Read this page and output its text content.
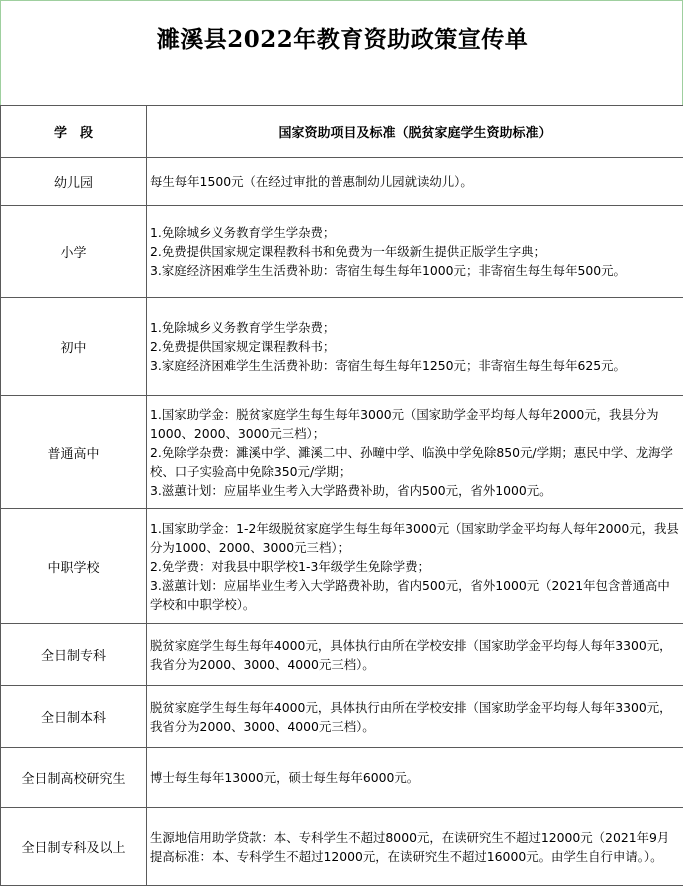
濉溪县2022年教育资助政策宣传单
学　段	国家资助项目及标准（脱贫家庭学生资助标准）
幼儿园	每生每年1500元（在经过审批的普惠制幼儿园就读幼儿）。

小学	1.免除城乡义务教育学生学杂费；
2.免费提供国家规定课程教科书和免费为一年级新生提供正版学生字典；
3.家庭经济困难学生生活费补助：寄宿生每生每年1000元；非寄宿生每生每年500元。

初中	1.免除城乡义务教育学生学杂费；
2.免费提供国家规定课程教科书；
3.家庭经济困难学生生活费补助：寄宿生每生每年1250元；非寄宿生每生每年625元。

普通高中	1.国家助学金：脱贫家庭学生每生每年3000元（国家助学金平均每人每年2000元，我县分为1000、2000、3000元三档）；
2.免除学杂费：濉溪中学、濉溪二中、孙疃中学、临涣中学免除850元/学期；惠民中学、龙海学校、口子实验高中免除350元/学期；
3.滋蕙计划：应届毕业生考入大学路费补助，省内500元，省外1000元。

中职学校	1.国家助学金：1-2年级脱贫家庭学生每生每年3000元（国家助学金平均每人每年2000元，我县分为1000、2000、3000元三档）；
2.免学费：对我县中职学校1-3年级学生免除学费；
3.滋蕙计划：应届毕业生考入大学路费补助，省内500元，省外1000元（2021年包含普通高中学校和中职学校）。

全日制专科	脱贫家庭学生每生每年4000元，具体执行由所在学校安排（国家助学金平均每人每年3300元，我省分为2000、3000、4000元三档）。

全日制本科	脱贫家庭学生每生每年4000元，具体执行由所在学校安排（国家助学金平均每人每年3300元，我省分为2000、3000、4000元三档）。

全日制高校研究生	博士每生每年13000元，硕士每生每年6000元。

全日制专科及以上	生源地信用助学贷款：本、专科学生不超过8000元，在读研究生不超过12000元（2021年9月提高标准：本、专科学生不超过12000元，在读研究生不超过16000元。由学生自行申请。）。
